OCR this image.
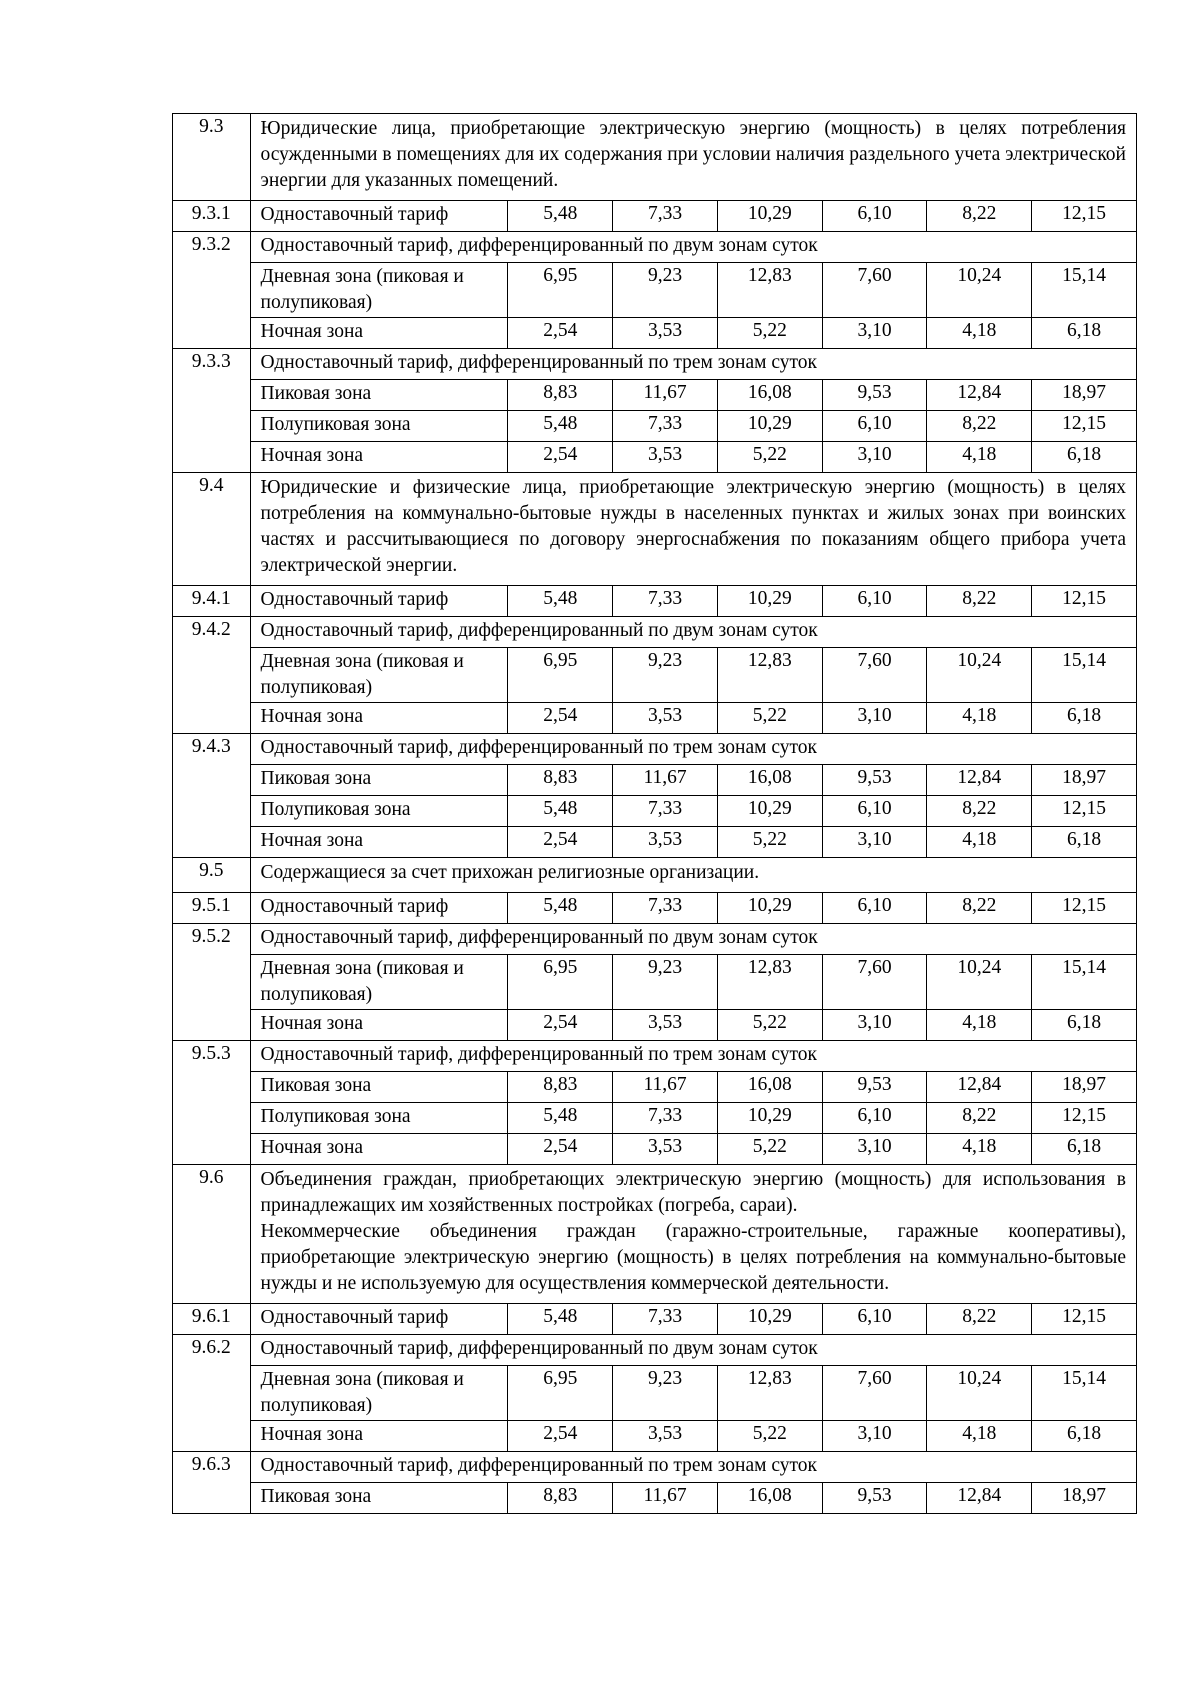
9.3	Юридические лица, приобретающие электрическую энергию (мощность) в целях потребления осужденными в помещениях для их содержания при условии наличия раздельного учета электрической энергии для указанных помещений.						
9.3.1	Одноставочный тариф	5,48	7,33	10,29	6,10	8,22	12,15
9.3.2	Одноставочный тариф, дифференцированный по двум зонам суток						
	Дневная зона (пиковая и полупиковая)	6,95	9,23	12,83	7,60	10,24	15,14
	Ночная зона	2,54	3,53	5,22	3,10	4,18	6,18
9.3.3	Одноставочный тариф, дифференцированный по трем зонам суток						
	Пиковая зона	8,83	11,67	16,08	9,53	12,84	18,97
	Полупиковая зона	5,48	7,33	10,29	6,10	8,22	12,15
	Ночная зона	2,54	3,53	5,22	3,10	4,18	6,18
9.4	Юридические и физические лица, приобретающие электрическую энергию (мощность) в целях потребления на коммунально-бытовые нужды в населенных пунктах и жилых зонах при воинских частях и рассчитывающиеся по договору энергоснабжения по показаниям общего прибора учета электрической энергии.						
9.4.1	Одноставочный тариф	5,48	7,33	10,29	6,10	8,22	12,15
9.4.2	Одноставочный тариф, дифференцированный по двум зонам суток						
	Дневная зона (пиковая и полупиковая)	6,95	9,23	12,83	7,60	10,24	15,14
	Ночная зона	2,54	3,53	5,22	3,10	4,18	6,18
9.4.3	Одноставочный тариф, дифференцированный по трем зонам суток						
	Пиковая зона	8,83	11,67	16,08	9,53	12,84	18,97
	Полупиковая зона	5,48	7,33	10,29	6,10	8,22	12,15
	Ночная зона	2,54	3,53	5,22	3,10	4,18	6,18
9.5	Содержащиеся за счет прихожан религиозные организации.						
9.5.1	Одноставочный тариф	5,48	7,33	10,29	6,10	8,22	12,15
9.5.2	Одноставочный тариф, дифференцированный по двум зонам суток						
	Дневная зона (пиковая и полупиковая)	6,95	9,23	12,83	7,60	10,24	15,14
	Ночная зона	2,54	3,53	5,22	3,10	4,18	6,18
9.5.3	Одноставочный тариф, дифференцированный по трем зонам суток						
	Пиковая зона	8,83	11,67	16,08	9,53	12,84	18,97
	Полупиковая зона	5,48	7,33	10,29	6,10	8,22	12,15
	Ночная зона	2,54	3,53	5,22	3,10	4,18	6,18
9.6	Объединения граждан, приобретающих электрическую энергию (мощность) для использования в принадлежащих им хозяйственных постройках (погреба, сараи).
Некоммерческие объединения граждан (гаражно-строительные, гаражные кооперативы), приобретающие электрическую энергию (мощность) в целях потребления на коммунально-бытовые нужды и не используемую для осуществления коммерческой деятельности.						

9.6.1	Одноставочный тариф	5,48	7,33	10,29	6,10	8,22	12,15
9.6.2	Одноставочный тариф, дифференцированный по двум зонам суток						
	Дневная зона (пиковая и полупиковая)	6,95	9,23	12,83	7,60	10,24	15,14
	Ночная зона	2,54	3,53	5,22	3,10	4,18	6,18
9.6.3	Одноставочный тариф, дифференцированный по трем зонам суток						
	Пиковая зона	8,83	11,67	16,08	9,53	12,84	18,97
